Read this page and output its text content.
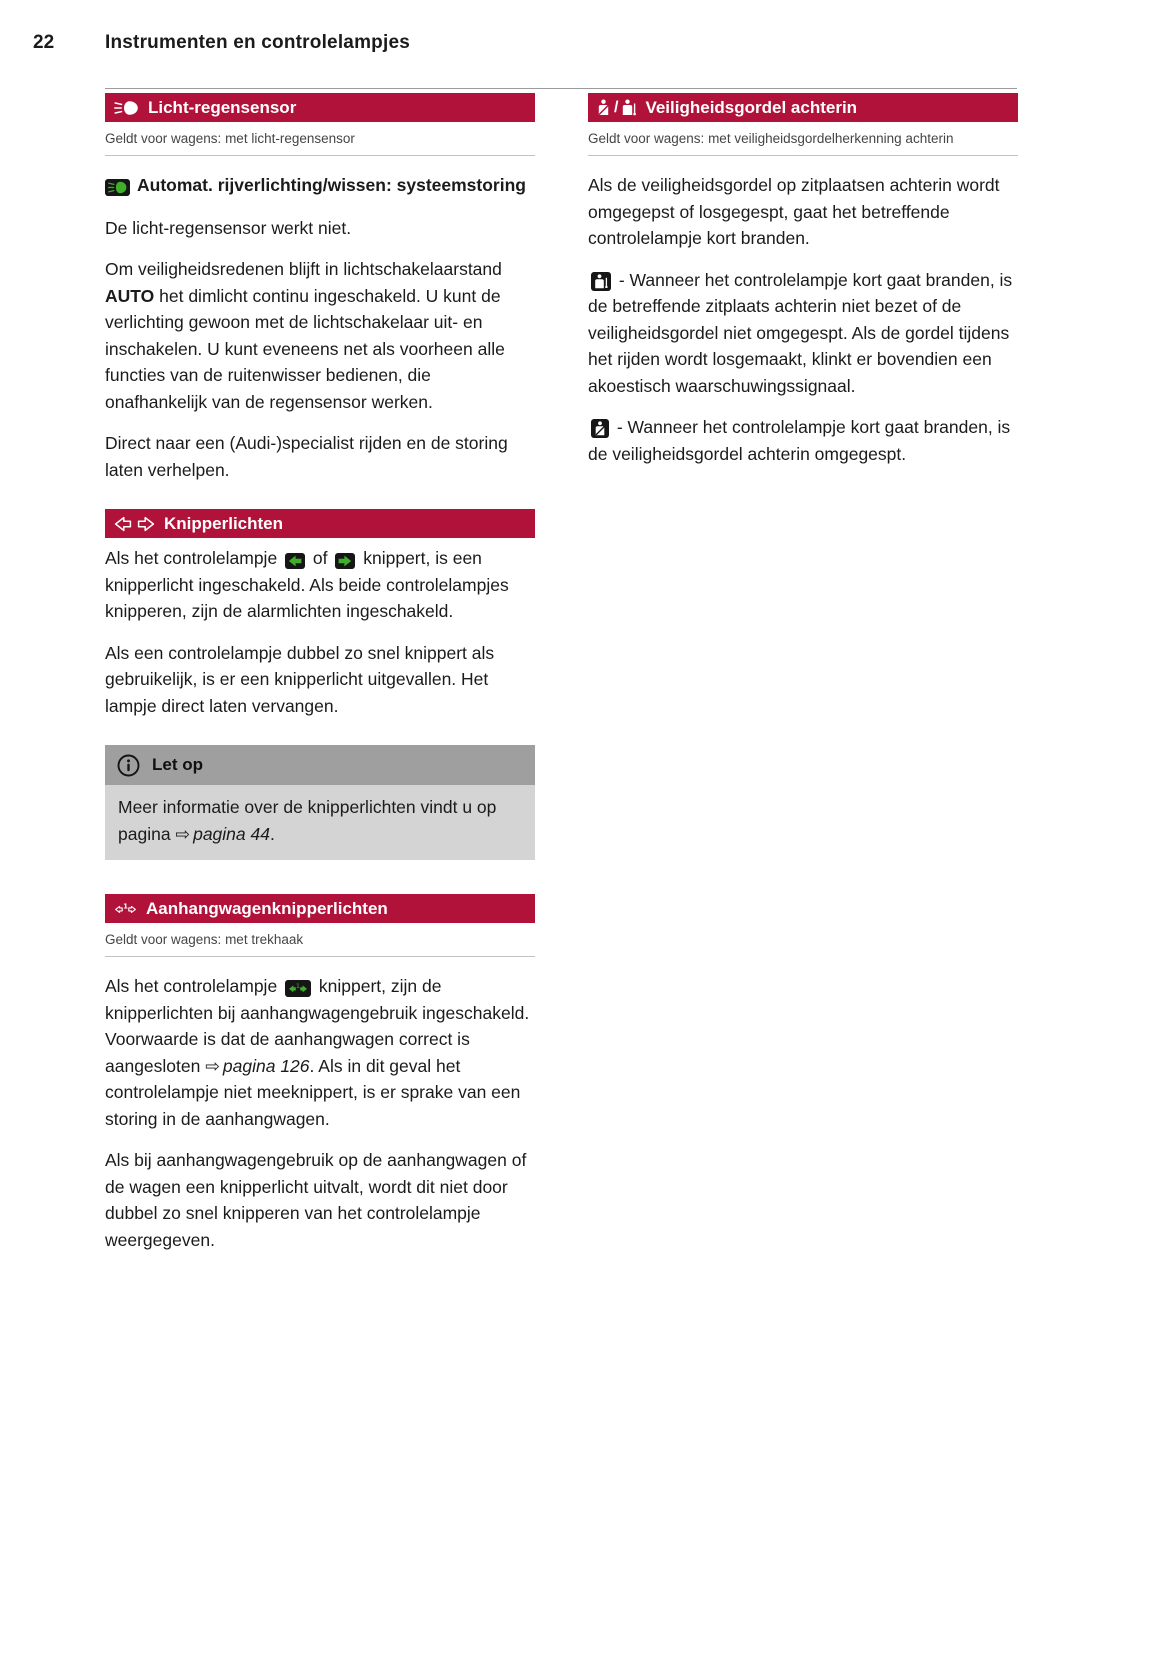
22	Instrumenten en controlelampjes
Licht-regensensor
Geldt voor wagens: met licht-regensensor

Automat. rijverlichting/wissen: systeemstoring

De licht-regensensor werkt niet.

Om veiligheidsredenen blijft in lichtschakelaarstand AUTO het dimlicht continu ingeschakeld. U kunt de verlichting gewoon met de lichtschakelaar uit- en inschakelen. U kunt eveneens net als voorheen alle functies van de ruitenwisser bedienen, die onafhankelijk van de regensensor werken.

Direct naar een (Audi-)specialist rijden en de storing laten verhelpen.

Knipperlichten

Als het controlelampje
of
knippert, is een knipperlicht ingeschakeld. Als beide controlelampjes knipperen, zijn de alarmlichten ingeschakeld.

Als een controlelampje dubbel zo snel knippert als gebruikelijk, is er een knipperlicht uitgevallen. Het lampje direct laten vervangen.

Let op
Meer informatie over de knipperlichten vindt u op pagina ⇨ pagina 44.
1 Aanhangwagenknipperlichten
Geldt voor wagens: met trekhaak

Als het controlelampje 1 knippert, zijn de knipperlichten bij aanhangwagengebruik ingeschakeld. Voorwaarde is dat de aanhangwagen correct is aangesloten ⇨ pagina 126. Als in dit geval het controlelampje niet meeknippert, is er sprake van een storing in de aanhangwagen.

Als bij aanhangwagengebruik op de aanhangwagen of de wagen een knipperlicht uitvalt, wordt dit niet door dubbel zo snel knipperen van het controlelampje weergegeven.

/ Veiligheidsgordel achterin
Geldt voor wagens: met veiligheidsgordelherkenning achterin

Als de veiligheidsgordel op zitplaatsen achterin wordt omgegepst of losgegespt, gaat het betreffende controlelampje kort branden.

- Wanneer het controlelampje kort gaat branden, is de betreffende zitplaats achterin niet bezet of de veiligheidsgordel niet omgegespt. Als de gordel tijdens het rijden wordt losgemaakt, klinkt er bovendien een akoestisch waarschuwingssignaal.

- Wanneer het controlelampje kort gaat branden, is de veiligheidsgordel achterin omgegespt.
